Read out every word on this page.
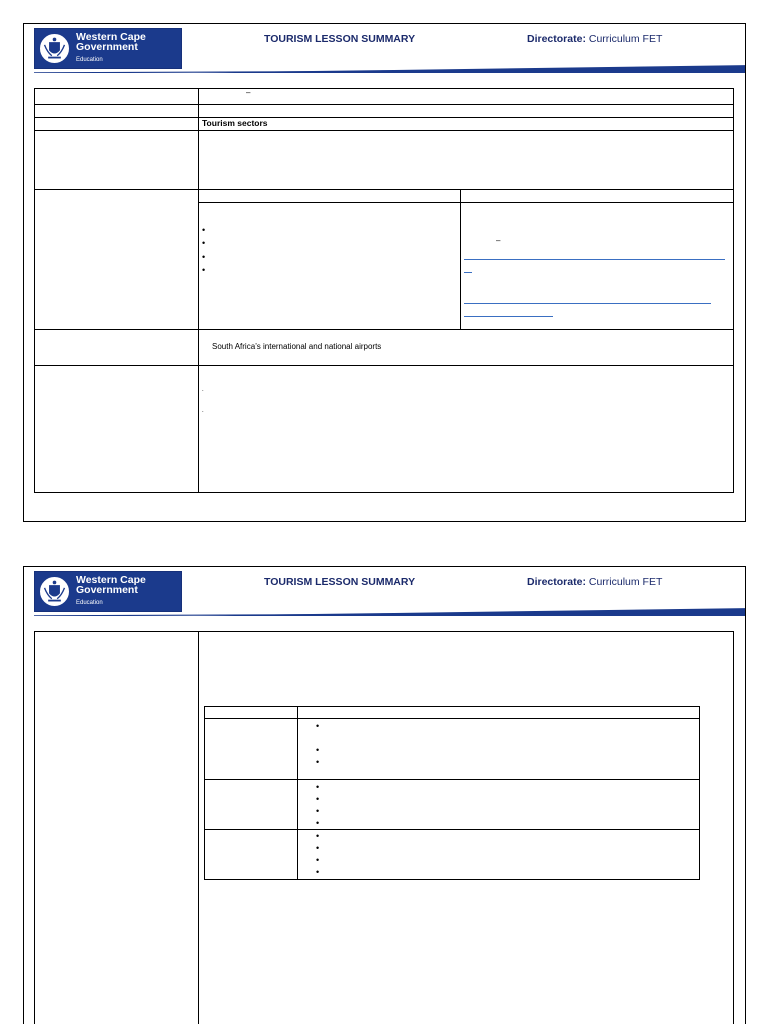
Western Cape
Government
Education
TOURISM LESSON SUMMARY	Directorate: Curriculum FET
–
Tourism sectors
•
•
•
•
–
South Africa’s international and national airports
.
.
Western Cape
Government
Education
TOURISM LESSON SUMMARY	Directorate: Curriculum FET
•
•
•
•
•
•
•
•
•
•
•
